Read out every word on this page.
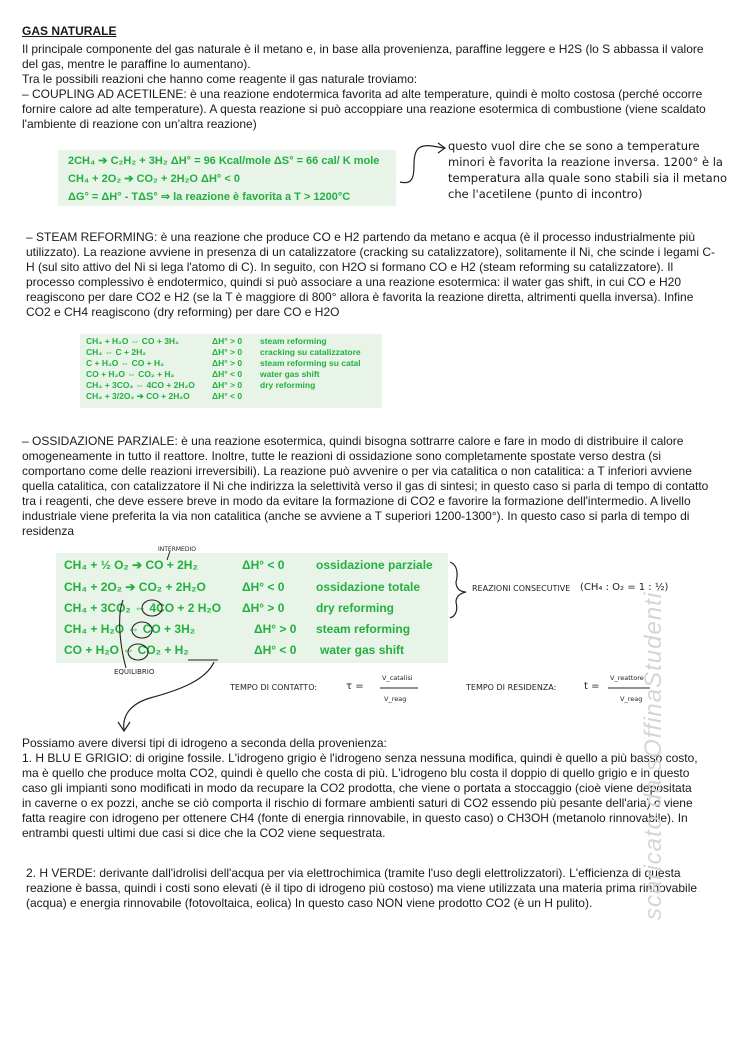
GAS NATURALE
Il principale componente del gas naturale è il metano e, in base alla provenienza, paraffine leggere e H2S (lo S abbassa il valore del gas, mentre le paraffine lo aumentano).
Tra le possibili reazioni che hanno come reagente il gas naturale troviamo:
– COUPLING AD ACETILENE: è una reazione endotermica favorita ad alte temperature, quindi è molto costosa (perché occorre fornire calore ad alte temperature). A questa reazione si può accoppiare una reazione esotermica di combustione (viene scaldato l'ambiente di reazione con un'altra reazione)
2CH₄ ➔ C₂H₂ + 3H₂ ΔH° = 96 Kcal/mole ΔS° = 66 cal/ K mole
CH₄ + 2O₂ ➔ CO₂ + 2H₂O ΔH° < 0
ΔG° = ΔH° - TΔS° ⇒ la reazione è favorita a T > 1200°C
questo vuol dire che se sono a temperature minori è favorita la reazione inversa. 1200° è la temperatura alla quale sono stabili sia il metano che l'acetilene (punto di incontro)
– STEAM REFORMING: è una reazione che produce CO e H2 partendo da metano e acqua (è il processo industrialmente più utilizzato). La reazione avviene in presenza di un catalizzatore (cracking su catalizzatore), solitamente il Ni, che scinde i legami C-H (sul sito attivo del Ni si lega l'atomo di C). In seguito, con H2O si formano CO e H2 (steam reforming su catalizzatore). Il processo complessivo è endotermico, quindi si può associare a una reazione esotermica: il water gas shift, in cui CO e H20 reagiscono per dare CO2 e H2 (se la T è maggiore di 800° allora è favorita la reazione diretta, altrimenti quella inversa). Infine CO2 e CH4 reagiscono (dry reforming) per dare CO e H2O
CH₄ + H₂O ⇔ CO + 3H₂	ΔH° > 0 steam reforming
CH₄ ⇔ C + 2H₂	ΔH° > 0 cracking su catalizzatore
C + H₂O ⇔ CO + H₂	ΔH° > 0 steam reforming su catal
CO + H₂O ⇔ CO₂ + H₂	ΔH° < 0 water gas shift
CH₄ + 3CO₂ ⇔ 4CO + 2H₂O ΔH° > 0 dry reforming
CH₄ + 3/2O₂ ➔ CO + 2H₂O	ΔH° < 0
– OSSIDAZIONE PARZIALE: è una reazione esotermica, quindi bisogna sottrarre calore e fare in modo di distribuire il calore omogeneamente in tutto il reattore. Inoltre, tutte le reazioni di ossidazione sono completamente spostate verso destra (si comportano come delle reazioni irreversibili). La reazione può avvenire o per via catalitica o non catalitica: a T inferiori avviene quella catalitica, con catalizzatore il Ni che indirizza la selettività verso il gas di sintesi; in questo caso si parla di tempo di contatto tra i reagenti, che deve essere breve in modo da evitare la formazione di CO2 e favorire la formazione dell'intermedio. A livello industriale viene preferita la via non catalitica (anche se avviene a T superiori 1200-1300°). In questo caso si parla di tempo di residenza
CH₄ + ½ O₂ ➔ CO + 2H₂	ΔH° < 0	ossidazione parziale
CH₄ + 2O₂ ➔ CO₂ + 2H₂O	ΔH° < 0	ossidazione totale
CH₄ + 3CO₂ ⇔ 4CO + 2 H₂O ΔH° > 0	dry reforming
CH₄ + H₂O ⇔ CO + 3H₂	ΔH° > 0 steam reforming
CO + H₂O ⇔ CO₂ + H₂	ΔH° < 0 water gas shift
INTERMEDIO
REAZIONI CONSECUTIVE (CH₄ : O₂ = 1 : ½)
EQUILIBRIO
TEMPO DI CONTATTO:	τ =
V_catalisi
V_reag
TEMPO DI RESIDENZA:	t =
V_reattore
V_reag
Possiamo avere diversi tipi di idrogeno a seconda della provenienza:
1. H BLU E GRIGIO: di origine fossile. L'idrogeno grigio è l'idrogeno senza nessuna modifica, quindi è quello a più basso costo, ma è quello che produce molta CO2, quindi è quello che costa di più. L'idrogeno blu costa il doppio di quello grigio e in questo caso gli impianti sono modificati in modo da recupare la CO2 prodotta, che viene o portata a stoccaggio (cioè viene depositata in caverne o ex pozzi, anche se ciò comporta il rischio di formare ambienti saturi di CO2 essendo più pesante dell'aria) o viene fatta reagire con idrogeno per ottenere CH4 (fonte di energia rinnovabile, in questo caso) o CH3OH (metanolo rinnovabile). In entrambi questi ultimi due casi si dice che la CO2 viene sequestrata.
2. H VERDE: derivante dall'idrolisi dell'acqua per via elettrochimica (tramite l'uso degli elettrolizzatori). L'efficienza di questa reazione è bassa, quindi i costi sono elevati (è il tipo di idrogeno più costoso) ma viene utilizzata una materia prima rinnovabile (acqua) e energia rinnovabile (fotovoltaica, eolica) In questo caso NON viene prodotto CO2 (è un H pulito).	scaricato da sOffinaStudenti
